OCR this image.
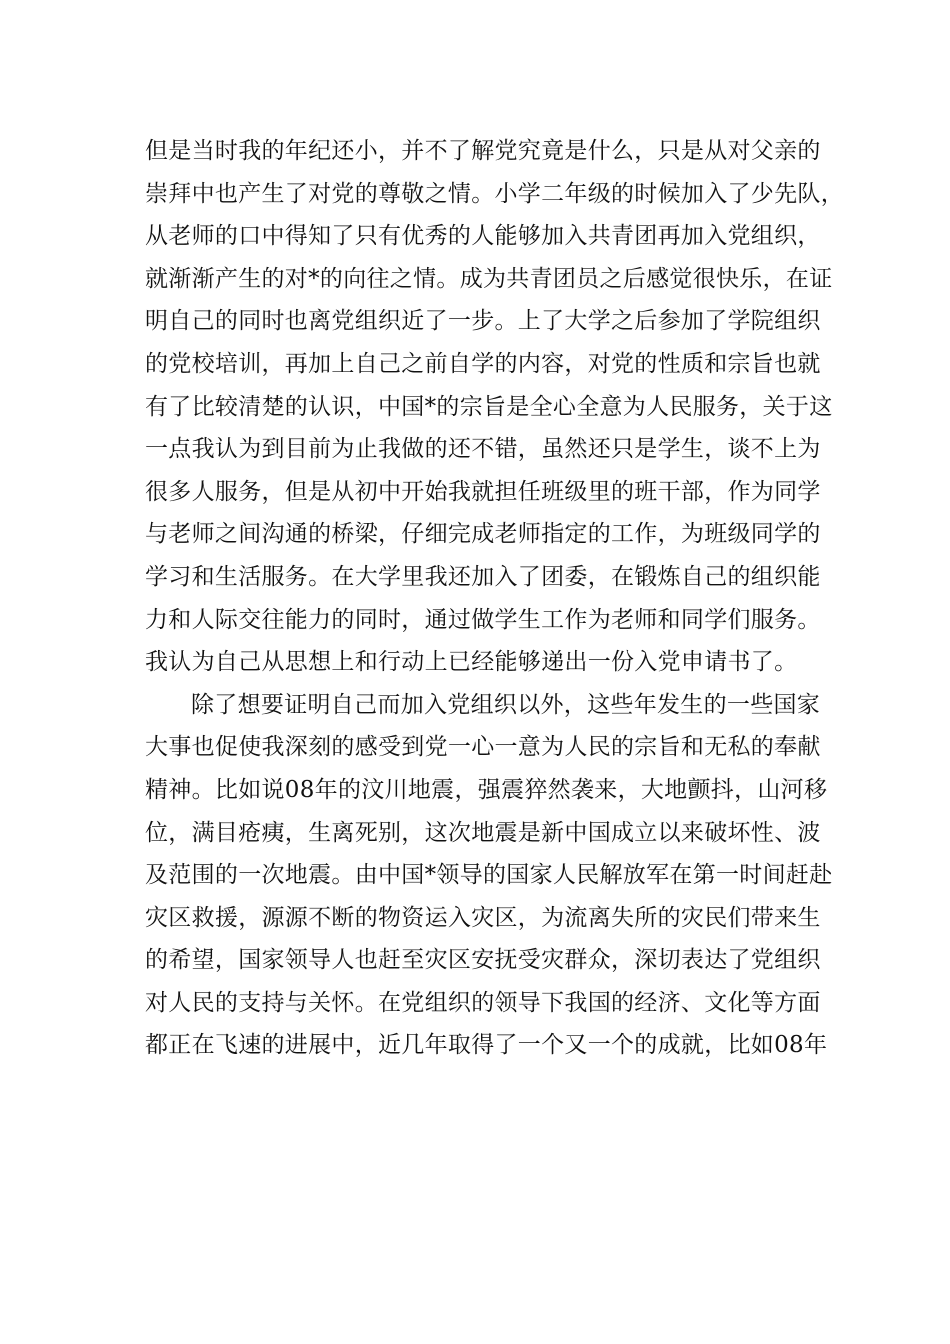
但是当时我的年纪还小，并不了解党究竟是什么，只是从对父亲的
崇拜中也产生了对党的尊敬之情。小学二年级的时候加入了少先队，
从老师的口中得知了只有优秀的人能够加入共青团再加入党组织，
就渐渐产生的对*的向往之情。成为共青团员之后感觉很快乐，在证
明自己的同时也离党组织近了一步。上了大学之后参加了学院组织
的党校培训，再加上自己之前自学的内容，对党的性质和宗旨也就
有了比较清楚的认识，中国*的宗旨是全心全意为人民服务，关于这
一点我认为到目前为止我做的还不错，虽然还只是学生，谈不上为
很多人服务，但是从初中开始我就担任班级里的班干部，作为同学
与老师之间沟通的桥梁，仔细完成老师指定的工作，为班级同学的
学习和生活服务。在大学里我还加入了团委，在锻炼自己的组织能
力和人际交往能力的同时，通过做学生工作为老师和同学们服务。
我认为自己从思想上和行动上已经能够递出一份入党申请书了。
除了想要证明自己而加入党组织以外，这些年发生的一些国家
大事也促使我深刻的感受到党一心一意为人民的宗旨和无私的奉献
精神。比如说08年的汶川地震，强震猝然袭来，大地颤抖，山河移
位，满目疮痍，生离死别，这次地震是新中国成立以来破坏性、波
及范围的一次地震。由中国*领导的国家人民解放军在第一时间赶赴
灾区救援，源源不断的物资运入灾区，为流离失所的灾民们带来生
的希望，国家领导人也赶至灾区安抚受灾群众，深切表达了党组织
对人民的支持与关怀。在党组织的领导下我国的经济、文化等方面
都正在飞速的进展中，近几年取得了一个又一个的成就，比如08年
